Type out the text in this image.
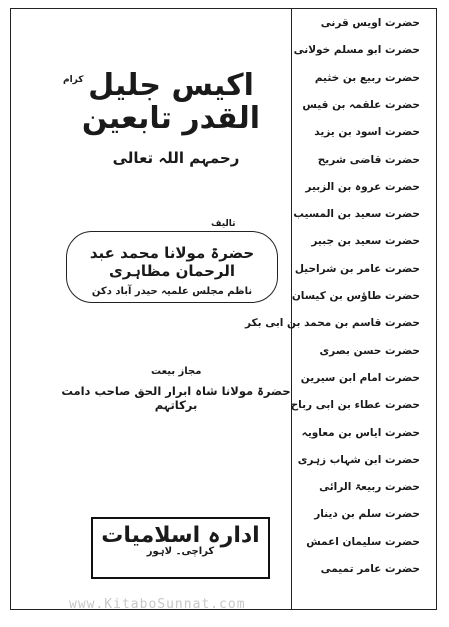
کرام اکیس جلیل القدر تابعین
رحمہم اللہ تعالی
تالیف
حضرۃ مولانا محمد عبد الرحمان مظاہری
ناظم مجلس علمیہ حیدر آباد دکن
مجاز بیعت
حضرۃ مولانا شاہ ابرار الحق صاحب دامت برکاتہم
ادارہ اسلامیات
کراچی۔ لاہور
حضرت اویس قرنی
حضرت ابو مسلم خولانی
حضرت ربیع بن خثیم
حضرت علقمہ بن قیس
حضرت اسود بن یزید
حضرت قاضی شریح
حضرت عروہ بن الزبیر
حضرت سعید بن المسیب
حضرت سعید بن جبیر
حضرت عامر بن شراحیل
حضرت طاؤس بن کیسان
حضرت قاسم بن محمد بن ابی بکر
حضرت حسن بصری
حضرت امام ابن سیرین
حضرت عطاء بن ابی رباح
حضرت ایاس بن معاویہ
حضرت ابن شہاب زہری
حضرت ربیعۃ الرائی
حضرت سلم بن دینار
حضرت سلیمان اعمش
حضرت عامر تمیمی
www.KitaboSunnat.com
